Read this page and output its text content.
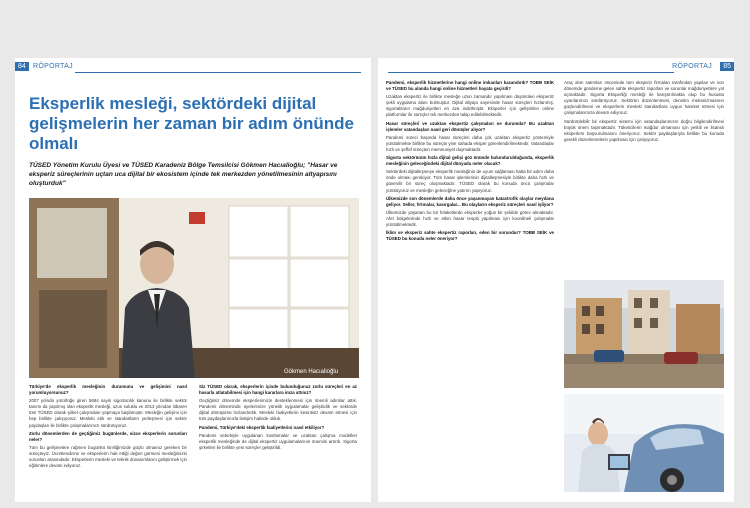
84	RÖPORTAJ
Eksperlik mesleği, sektördeki dijital gelişmelerin her zaman bir adım önünde olmalı

TÜSED Yönetim Kurulu Üyesi ve TÜSED Karadeniz Bölge Temsilcisi Gökmen Hacıalioğlu; "Hasar ve eksperiz süreçlerinin uçtan uca dijital bir ekosistem içinde tek merkezden yönetilmesinin altyapısını oluşturduk"

Gökmen Hacıalioğlu

Türkiye'de eksperlik mesleğinin durumunu ve gelişimini nasıl yorumluyorsunuz?

2007 yılında yürürlüğe giren 5684 sayılı sigortacılık kanunu ile birlikte sektör tanımı da yapılmış olan eksperlik mesleği, uzun soluklu ve 2013 yılından itibaren tüm TÜSED olarak şirket çalışmaları yapmaya başlamıştır. Mesleğin gelişimi için hep birlikte çalışıyoruz. Mesleki etik ve standartların yerleşmesi için sektör paydaşları ile birlikte çalışmalarımızı sürdürüyoruz.

Zorlu dönemlerden de geçtiğimiz bugünlerde, sizce eksperlerin sorunları neler?

Tüm bu gelişmelere rağmen bugünkü kimliğimizde güçlü olmamız gereken bir süreçteyiz. Ücretlendirme ve eksperlerin hak ettiği değeri görmesi mesleğimizin sorunları arasındadır. Eksperlerin mesleki ve teknik donanımlarını geliştirmek için eğitimlere devam ediyoruz.

Siz TÜSED olarak, eksperlerin içinde bulunduğunuz zorlu süreçleri en az hasarla atlatabilmesi için hangi kararlara imza attınız?

Geçtiğimiz dönemde eksperlerimizin desteklenmesi için önemli adımlar attık. Pandemi döneminde üyelerimize yönelik uygulamalar geliştirdik ve sektörde dijital dönüşümü hızlandırdık. Mesleki faaliyetlerin kesintisiz devam etmesi için tüm paydaşlarımızla iletişim halinde olduk.

Pandemi, Türkiye'deki eksperlik faaliyetlerini nasıl etkiliyor?

Pandemi sebebiyle uygulanan kısıtlamalar ve uzaktan çalışma modelleri eksperlik mesleğinde de dijital ekspertiz uygulamalarının önemini artırdı. Sigorta şirketleri ile birlikte yeni süreçler geliştirildi.

RÖPORTAJ	85

Pandemi, eksperlik hizmetlerine hangi online imkanları kazandırdı? TOBB SEİK ve TÜSED bu alanda hangi online hizmetleri hayata geçirdi?

Uzaktan ekspertiz ile birlikte mesleğe uzun zamandır yapılması düşünülen ekspertiz şekli uygulama alanı bulmuştur. Dijital altyapı sayesinde hasar süreçleri hızlanmış, sigortalıların mağduriyetleri en aza indirilmiştir. Eksperler için geliştirilen online platformlar ile süreçler tek merkezden takip edilebilmektedir.

Hasar süreçleri ve uzaktan ekspertiz çalışmaları ne durumda? Bu uzaktan işlemler vatandaşları nasıl geri dönüşler alıyor?

Pandemi süreci başında hasar süreçleri daha çok uzaktan ekspertiz yöntemiyle yürütülmekte birlikte bu süreçte yine sahada eksper görevlendirilmektedir. Vatandaşlar hızlı ve şeffaf süreçten memnuniyet duymaktadır.

Sigorta sektörünün hızla dijital gelişi göz önünde bulundurulduğunda, eksperlik mesleğinin geleceğindeki dijital dünyada neler olacak?

Sektördeki dijitalleşmeye eksperlik mesleğinin de uyum sağlaması hatta bir adım daha önde olması gerekiyor. Tüm hasar işlemlerinin dijitalleşmesiyle birlikte daha hızlı ve güvenilir bir süreç oluşmaktadır. TÜSED olarak bu konuda öncü çalışmalar yürütüyoruz ve mesleğin geleceğine yatırım yapıyoruz.

Ülkemizde son dönemlerde daha önce yaşanmayan katastrofik olaylar meydana geliyor. Seller, fırtınalar, kasırgalar... Bu olayların eksperiz süreçleri nasıl işliyor?

Ülkemizde yaşanan bu tür felaketlerde eksperler yoğun bir şekilde görev almaktadır. Afet bölgelerinde hızlı ve etkin hasar tespiti yapılması için koordineli çalışmalar yürütülmektedir.

İklim ve eksperiz sahte ekspertiz raporları, eden bir sorundur? TOBB SEİK ve TÜSED bu konuda neler öneriyor?

Araç alım satımları öncesinde tüm eksperiz firmaları tarafından yapılan ve son dönemde gündeme gelen sahte ekspertiz raporları ve sorunlar mağduriyetlere yol açmaktadır. Sigorta Eksperliği mesleği ile karıştırılmakta olup bu hususta uyarılarımızı sürdürüyoruz. Sektörün düzenlenmesi, denetim mekanizmasının güçlendirilmesi ve eksperlerin mesleki standartlara uygun hareket etmesi için çalışmalarımıza devam ediyoruz.

Sürdürülebilir bir ekspertiz sistemi için vatandaşlarımızın doğru bilgilendirilmesi büyük önem taşımaktadır. Tüketicilerin mağdur olmaması için yetkili ve lisanslı eksperlere başvurulmasını öneriyoruz. Sektör paydaşlarıyla birlikte bu konuda gerekli düzenlemelerin yapılması için çalışıyoruz.
